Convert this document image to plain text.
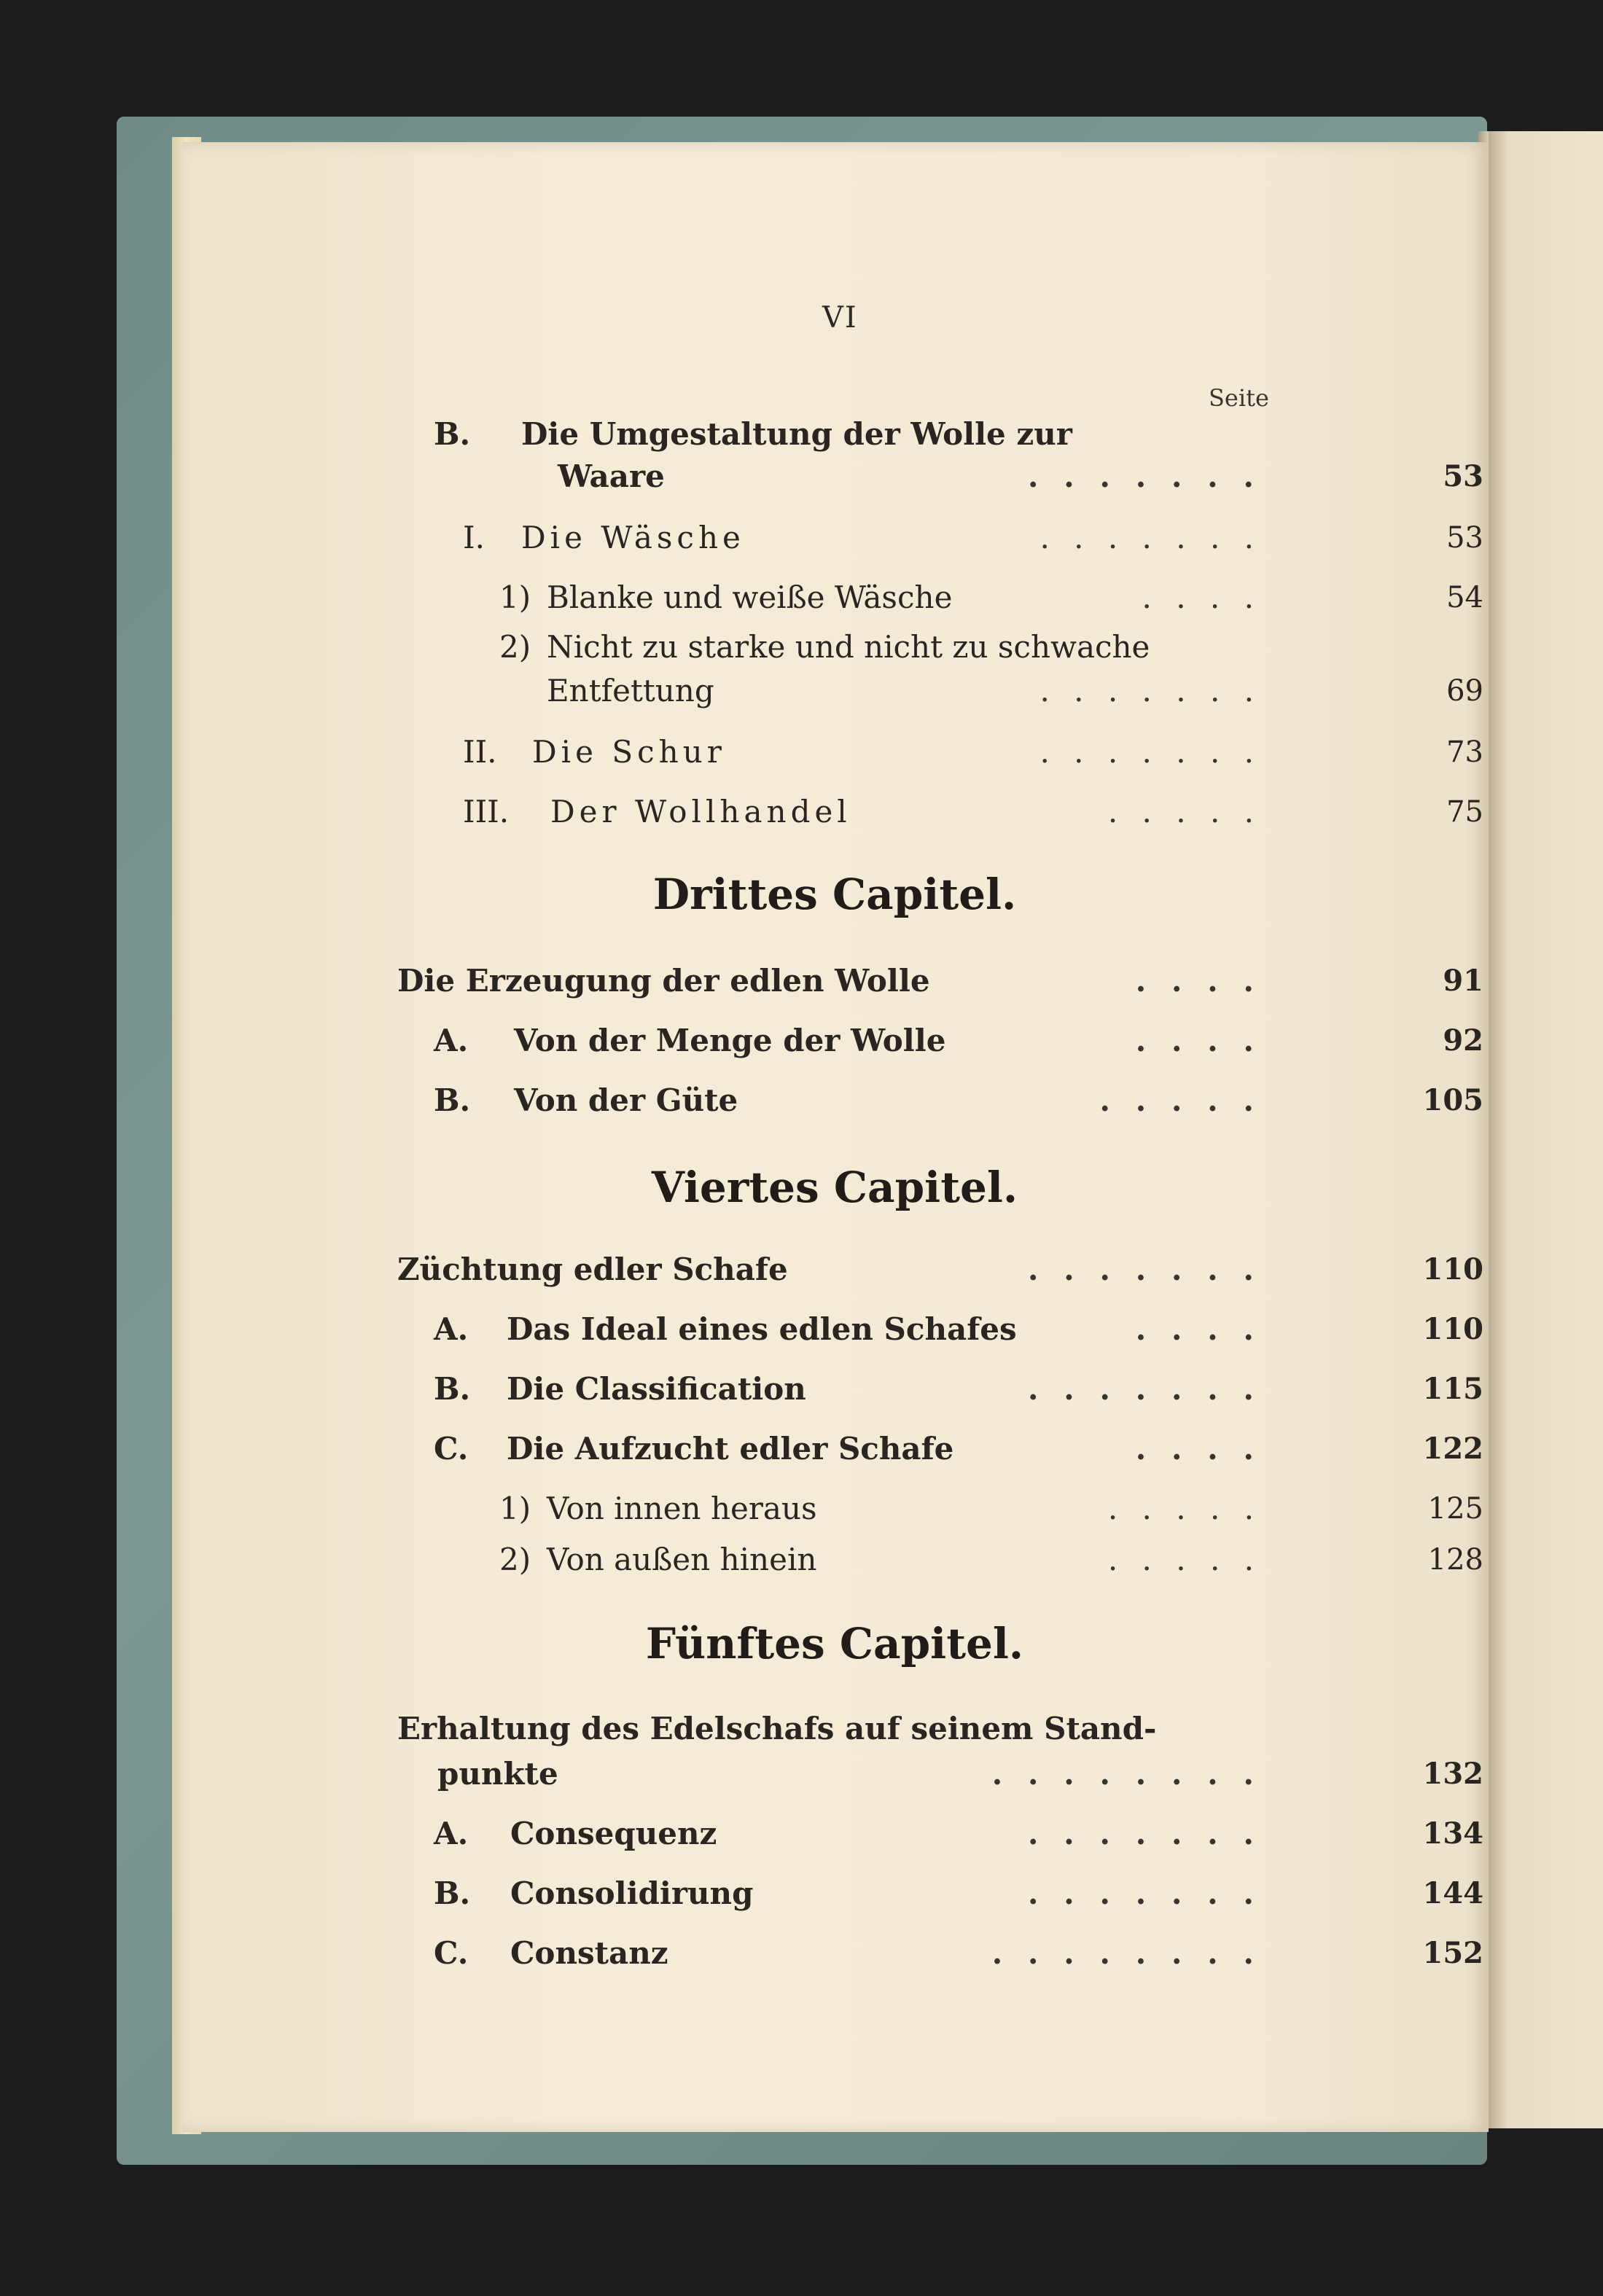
VI
Seite
B. Die Umgestaltung der Wolle zur
Waare	. . . . . . .	53
I. Die Wäsche	. . . . . . .	53
1) Blanke und weiße Wäsche	. . . .	54
2) Nicht zu starke und nicht zu schwache
Entfettung	. . . . . . .	69
II. Die Schur	. . . . . . .	73
III. Der Wollhandel	. . . . .	75
Drittes Capitel.
Die Erzeugung der edlen Wolle	. . . .	91
A. Von der Menge der Wolle	. . . .	92
B. Von der Güte	. . . . .	105
Viertes Capitel.
Züchtung edler Schafe	. . . . . . .	110
A. Das Ideal eines edlen Schafes	. . . .	110
B. Die Classification	. . . . . . .	115
C. Die Aufzucht edler Schafe	. . . .	122
1) Von innen heraus	. . . . .	125
2) Von außen hinein	. . . . .	128
Fünftes Capitel.
Erhaltung des Edelschafs auf seinem Stand-
punkte	. . . . . . . .	132
A. Consequenz	. . . . . . .	134
B. Consolidirung	. . . . . . .	144
C. Constanz	. . . . . . . .	152
